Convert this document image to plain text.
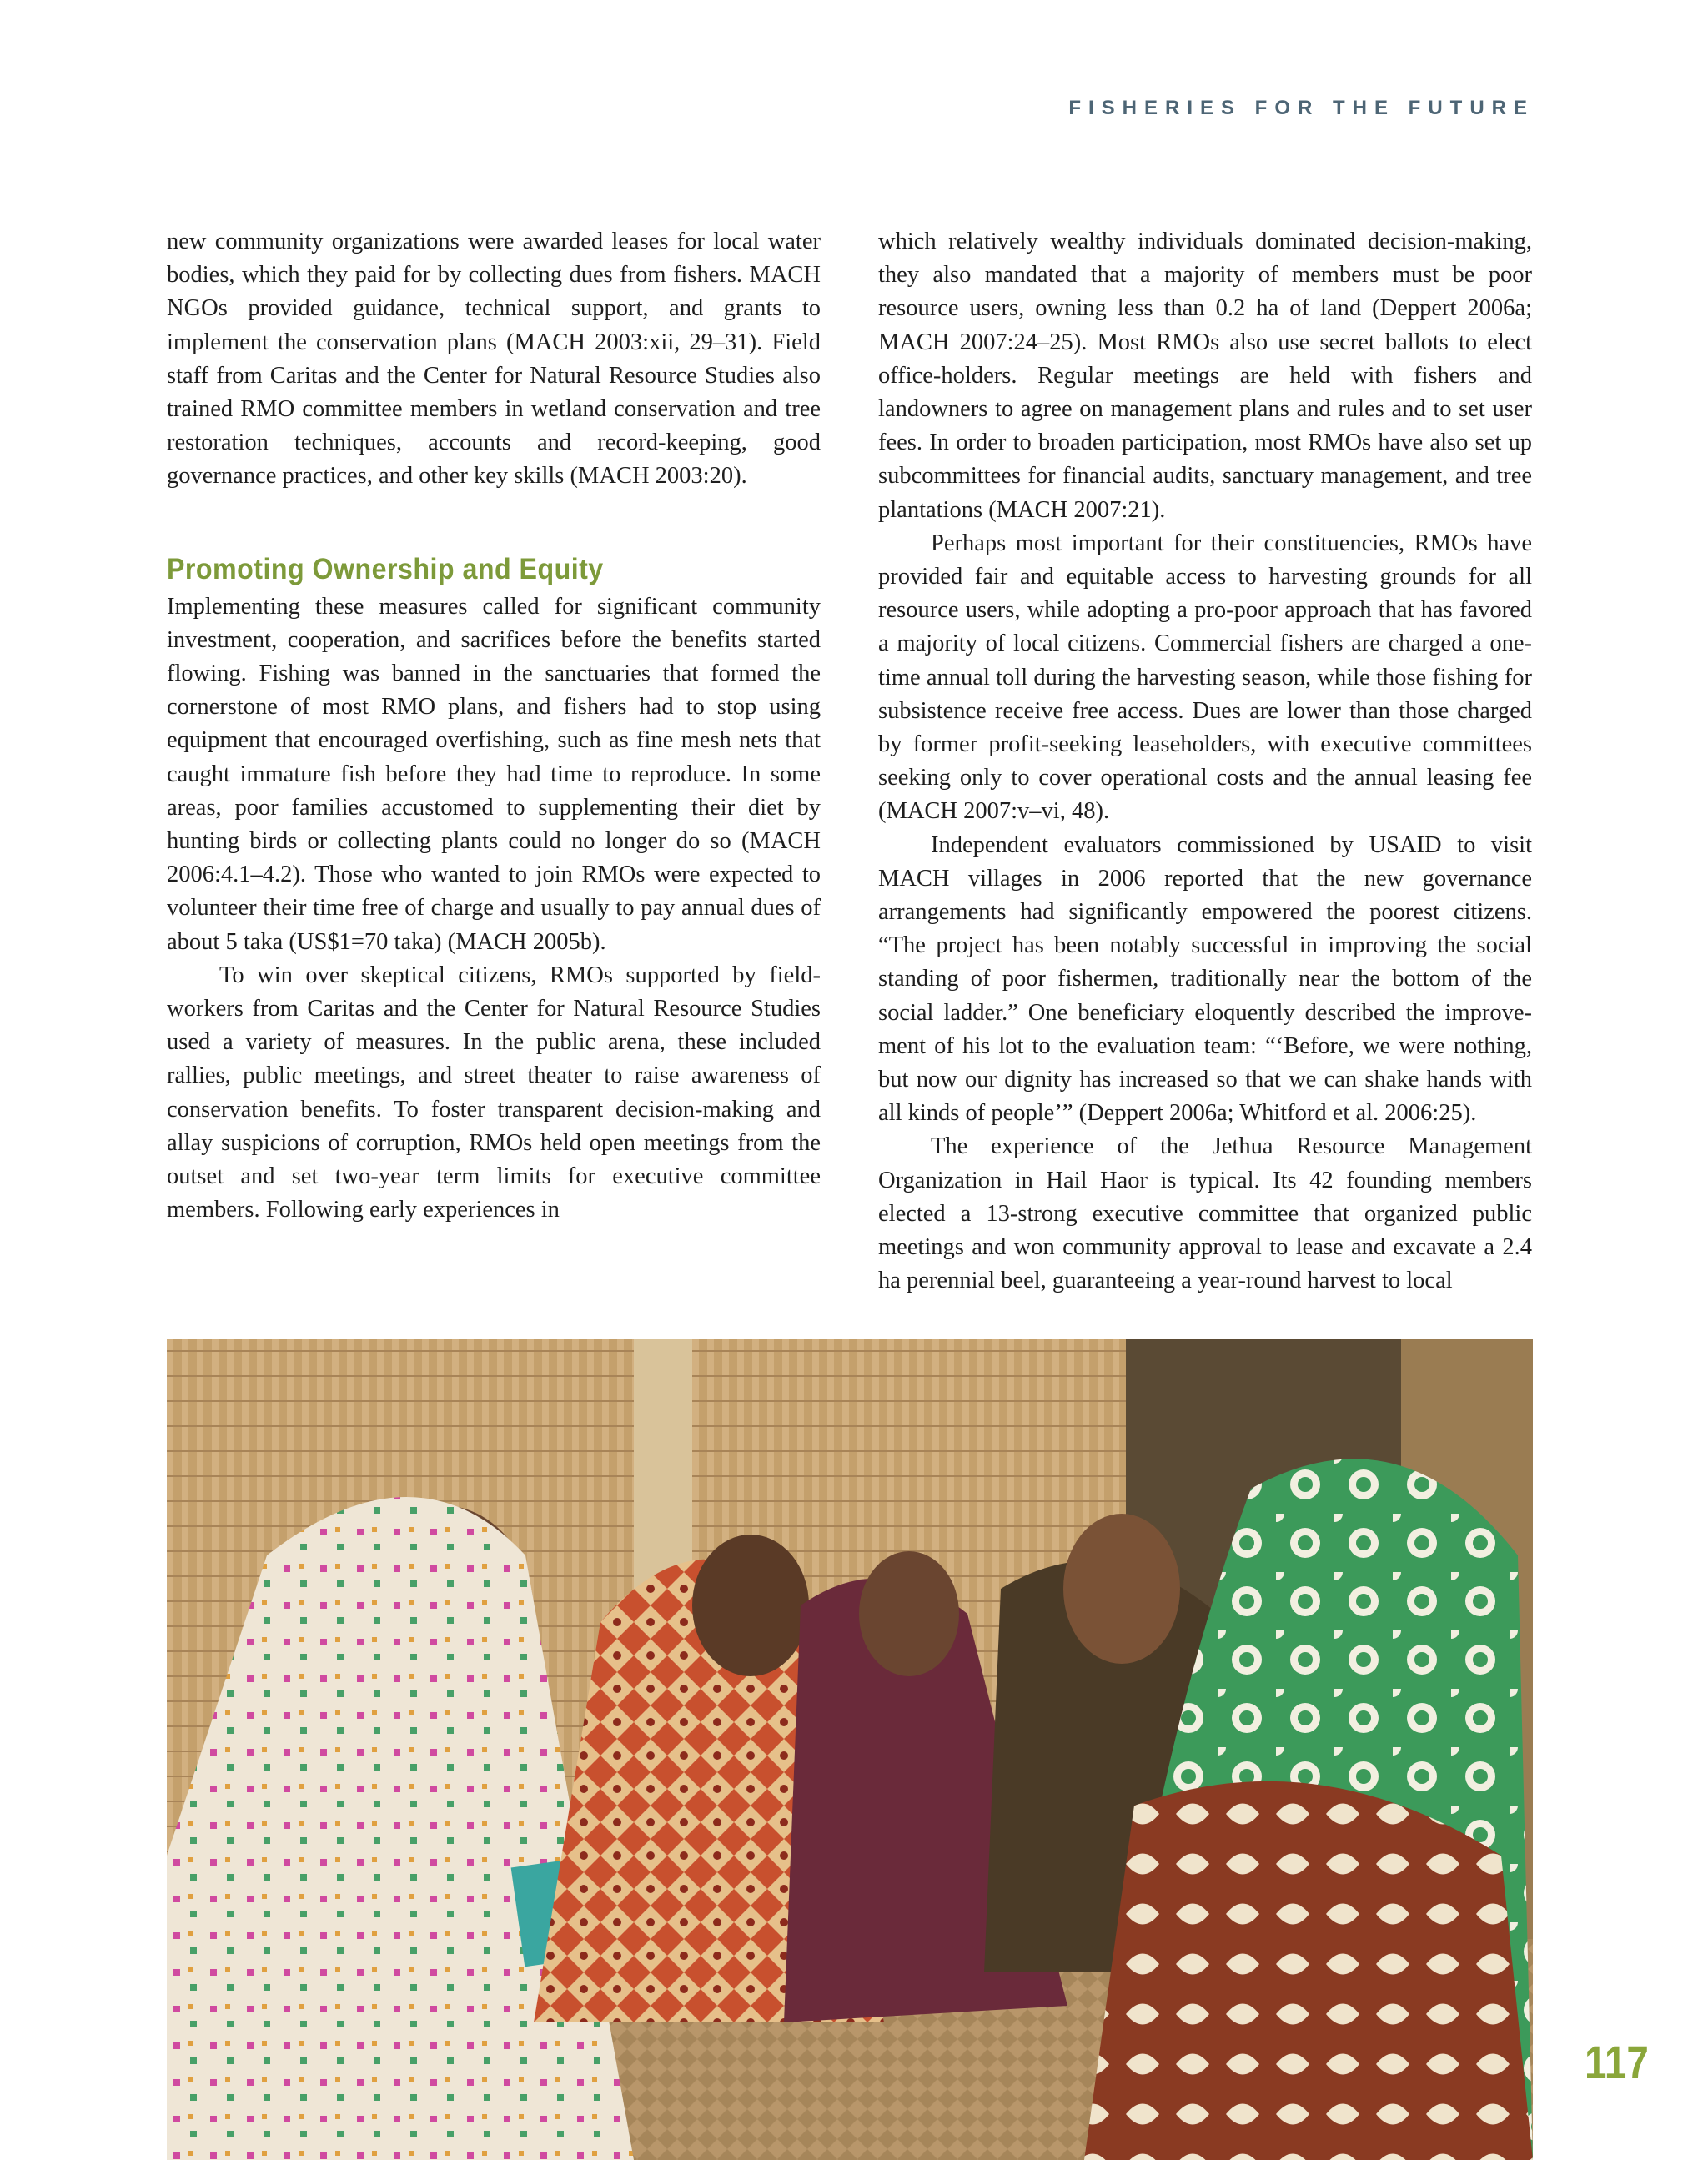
FISHERIES FOR THE FUTURE

new community organizations were awarded leases for local water bodies, which they paid for by collecting dues from fishers. MACH NGOs provided guidance, technical support, and grants to implement the conservation plans (MACH 2003:xii, 29–31). Field staff from Caritas and the Center for Natural Resource Studies also trained RMO committee members in wetland conservation and tree restoration techniques, accounts and record-keeping, good governance practices, and other key skills (MACH 2003:20).

Promoting Ownership and Equity

Implementing these measures called for significant community investment, cooperation, and sacrifices before the benefits started flowing. Fishing was banned in the sanctuaries that formed the cornerstone of most RMO plans, and fishers had to stop using equipment that encouraged overfishing, such as fine mesh nets that caught immature fish before they had time to reproduce. In some areas, poor families accustomed to supplementing their diet by hunting birds or collecting plants could no longer do so (MACH 2006:4.1–4.2). Those who wanted to join RMOs were expected to volunteer their time free of charge and usually to pay annual dues of about 5 taka (US$1=70 taka) (MACH 2005b).

To win over skeptical citizens, RMOs supported by field-workers from Caritas and the Center for Natural Resource Studies used a variety of measures. In the public arena, these included rallies, public meetings, and street theater to raise awareness of conservation benefits. To foster transparent decision-making and allay suspicions of corruption, RMOs held open meetings from the outset and set two-year term limits for executive committee members. Following early experiences in

which relatively wealthy individuals dominated decision-making, they also mandated that a majority of members must be poor resource users, owning less than 0.2 ha of land (Deppert 2006a; MACH 2007:24–25). Most RMOs also use secret ballots to elect office-holders. Regular meetings are held with fishers and landowners to agree on management plans and rules and to set user fees. In order to broaden participation, most RMOs have also set up subcommittees for financial audits, sanctuary management, and tree plantations (MACH 2007:21).

Perhaps most important for their constituencies, RMOs have provided fair and equitable access to harvesting grounds for all resource users, while adopting a pro-poor approach that has favored a majority of local citizens. Commercial fishers are charged a one-time annual toll during the harvesting season, while those fishing for subsistence receive free access. Dues are lower than those charged by former profit-seeking leaseholders, with executive committees seeking only to cover operational costs and the annual leasing fee (MACH 2007:v–vi, 48).

Independent evaluators commissioned by USAID to visit MACH villages in 2006 reported that the new governance arrangements had significantly empowered the poorest citizens. “The project has been notably successful in improving the social standing of poor fishermen, traditionally near the bottom of the social ladder.” One beneficiary eloquently described the improve-ment of his lot to the evaluation team: “‘Before, we were nothing, but now our dignity has increased so that we can shake hands with all kinds of people’” (Deppert 2006a; Whitford et al. 2006:25).

The experience of the Jethua Resource Management Organization in Hail Haor is typical. Its 42 founding members elected a 13-strong executive committee that organized public meetings and won community approval to lease and excavate a 2.4 ha perennial beel, guaranteeing a year-round harvest to local

117
